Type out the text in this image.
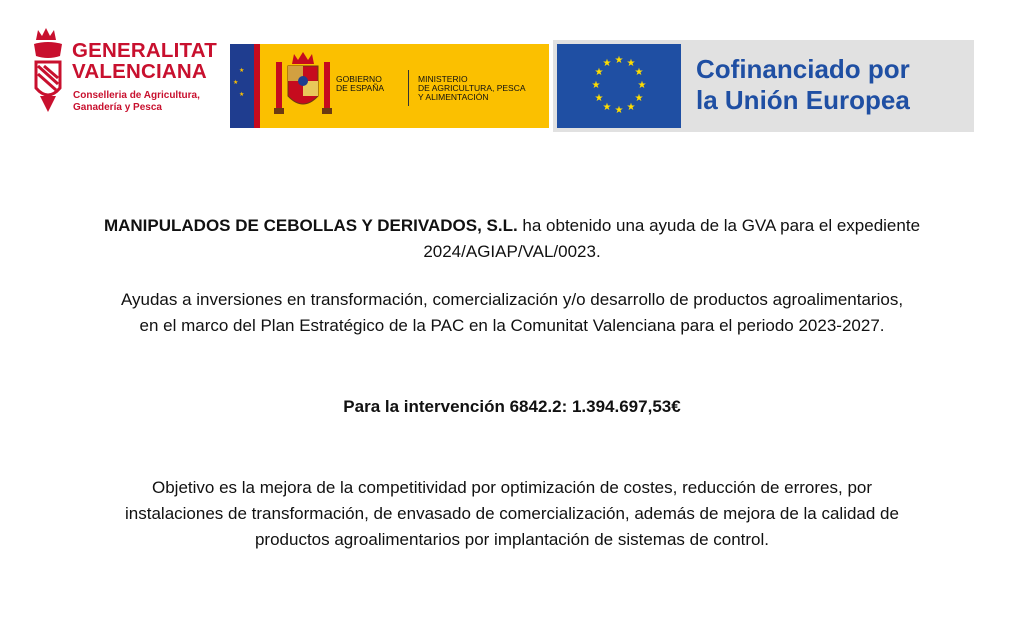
GENERALITAT
VALENCIANA
Conselleria de Agricultura,
Ganadería y Pesca
★
★
★
GOBIERNO
DE ESPAÑA
MINISTERIO
DE AGRICULTURA, PESCA
Y ALIMENTACIÓN
★ ★
★
★
★
★
★
★
★
★
★
★	Cofinanciado por
la Unión Europea
MANIPULADOS DE CEBOLLAS Y DERIVADOS, S.L. ha obtenido una ayuda de la GVA para el expediente
2024/AGIAP/VAL/0023.
Ayudas a inversiones en transformación, comercialización y/o desarrollo de productos agroalimentarios,
en el marco del Plan Estratégico de la PAC en la Comunitat Valenciana para el periodo 2023-2027.
Para la intervención 6842.2: 1.394.697,53€
Objetivo es la mejora de la competitividad por optimización de costes, reducción de errores, por
instalaciones de transformación, de envasado de comercialización, además de mejora de la calidad de
productos agroalimentarios por implantación de sistemas de control.
